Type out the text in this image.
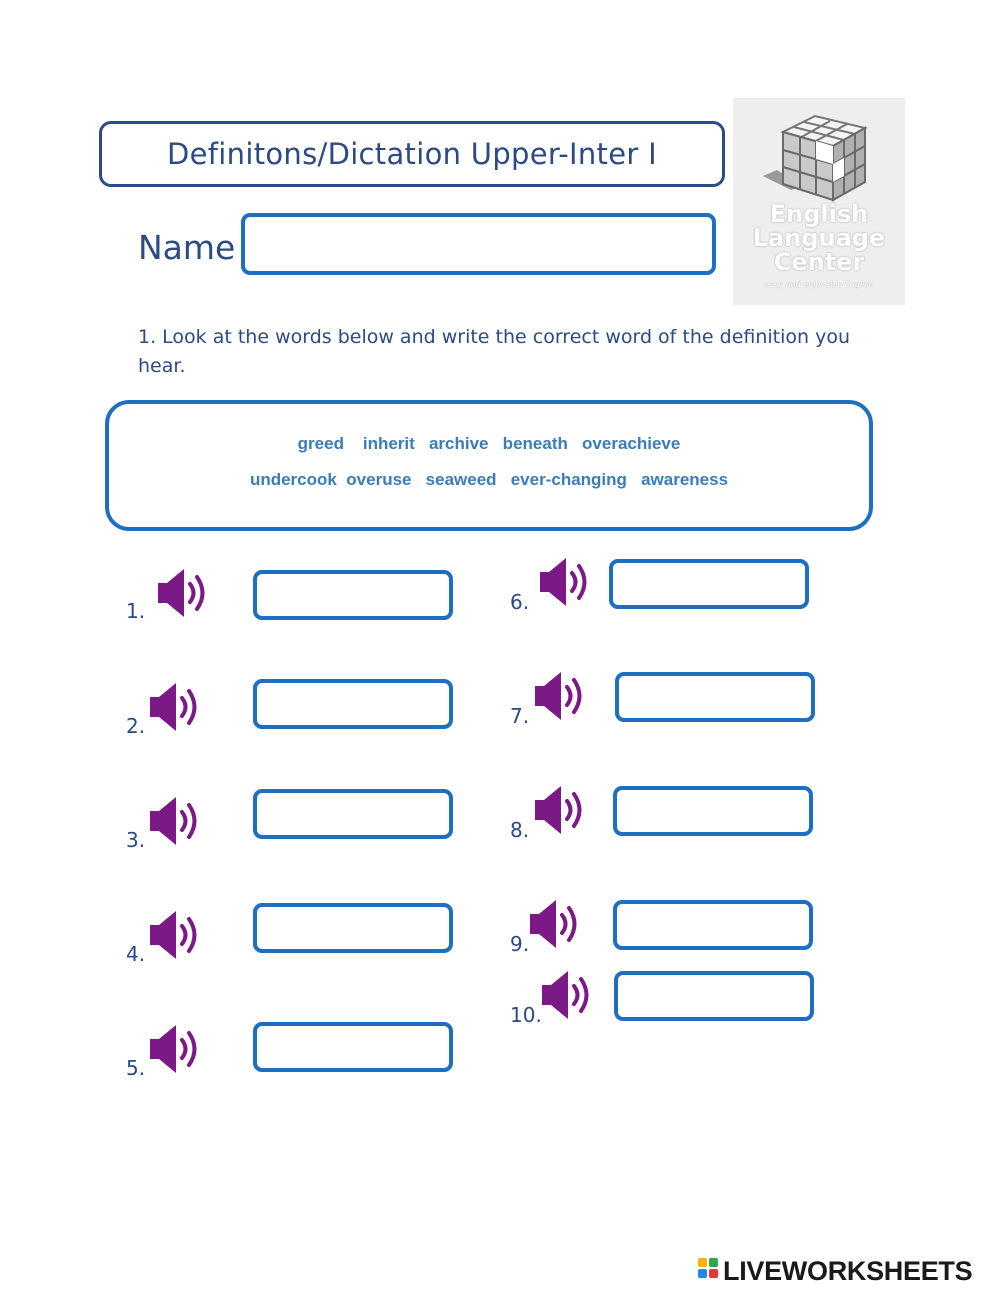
Definitons/Dictation Upper-Inter I
Name
English
Language
Center
easy and enjoyable English
1. Look at the words below and write the correct word of the definition you hear.
greed    inherit   archive   beneath   overachieve
undercook  overuse   seaweed   ever-changing   awareness
1.
2.
3.
4.
5.
6.
7.
8.
9.
10.
LIVEWORKSHEETS
